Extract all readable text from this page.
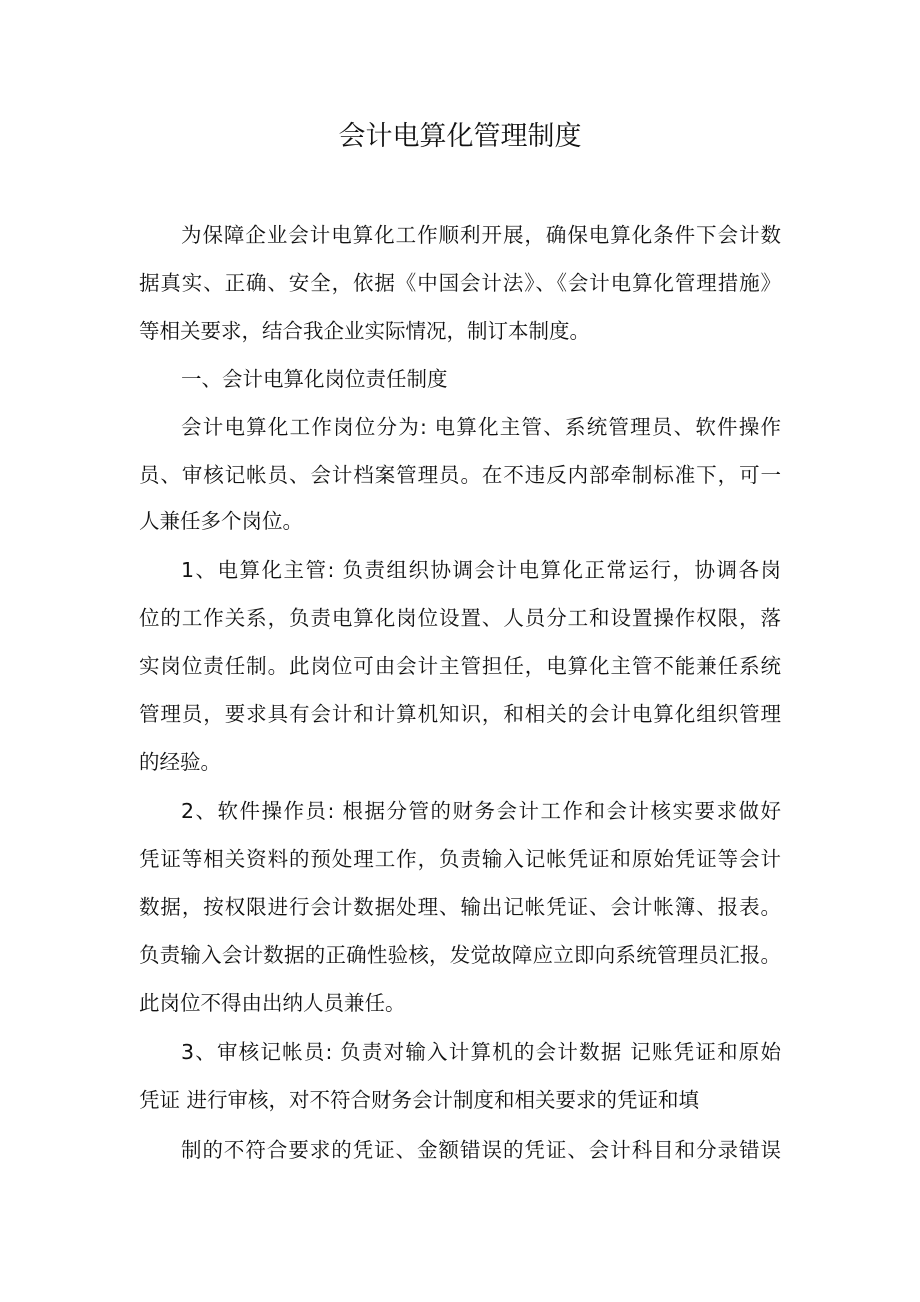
会计电算化管理制度
为保障企业会计电算化工作顺利开展，确保电算化条件下会计数
据真实、正确、安全，依据《中国会计法》、《会计电算化管理措施》
等相关要求，结合我企业实际情况，制订本制度。
一、会计电算化岗位责任制度
会计电算化工作岗位分为: 电算化主管、系统管理员、软件操作
员、审核记帐员、会计档案管理员。在不违反内部牵制标准下，可一
人兼任多个岗位。
1、电算化主管: 负责组织协调会计电算化正常运行，协调各岗
位的工作关系，负责电算化岗位设置、人员分工和设置操作权限，落
实岗位责任制。此岗位可由会计主管担任，电算化主管不能兼任系统
管理员，要求具有会计和计算机知识，和相关的会计电算化组织管理
的经验。
2、软件操作员: 根据分管的财务会计工作和会计核实要求做好
凭证等相关资料的预处理工作，负责输入记帐凭证和原始凭证等会计
数据，按权限进行会计数据处理、输出记帐凭证、会计帐簿、报表。
负责输入会计数据的正确性验核，发觉故障应立即向系统管理员汇报。
此岗位不得由出纳人员兼任。
3、审核记帐员: 负责对输入计算机的会计数据 记账凭证和原始
凭证 进行审核，对不符合财务会计制度和相关要求的凭证和填
制的不符合要求的凭证、金额错误的凭证、会计科目和分录错误
